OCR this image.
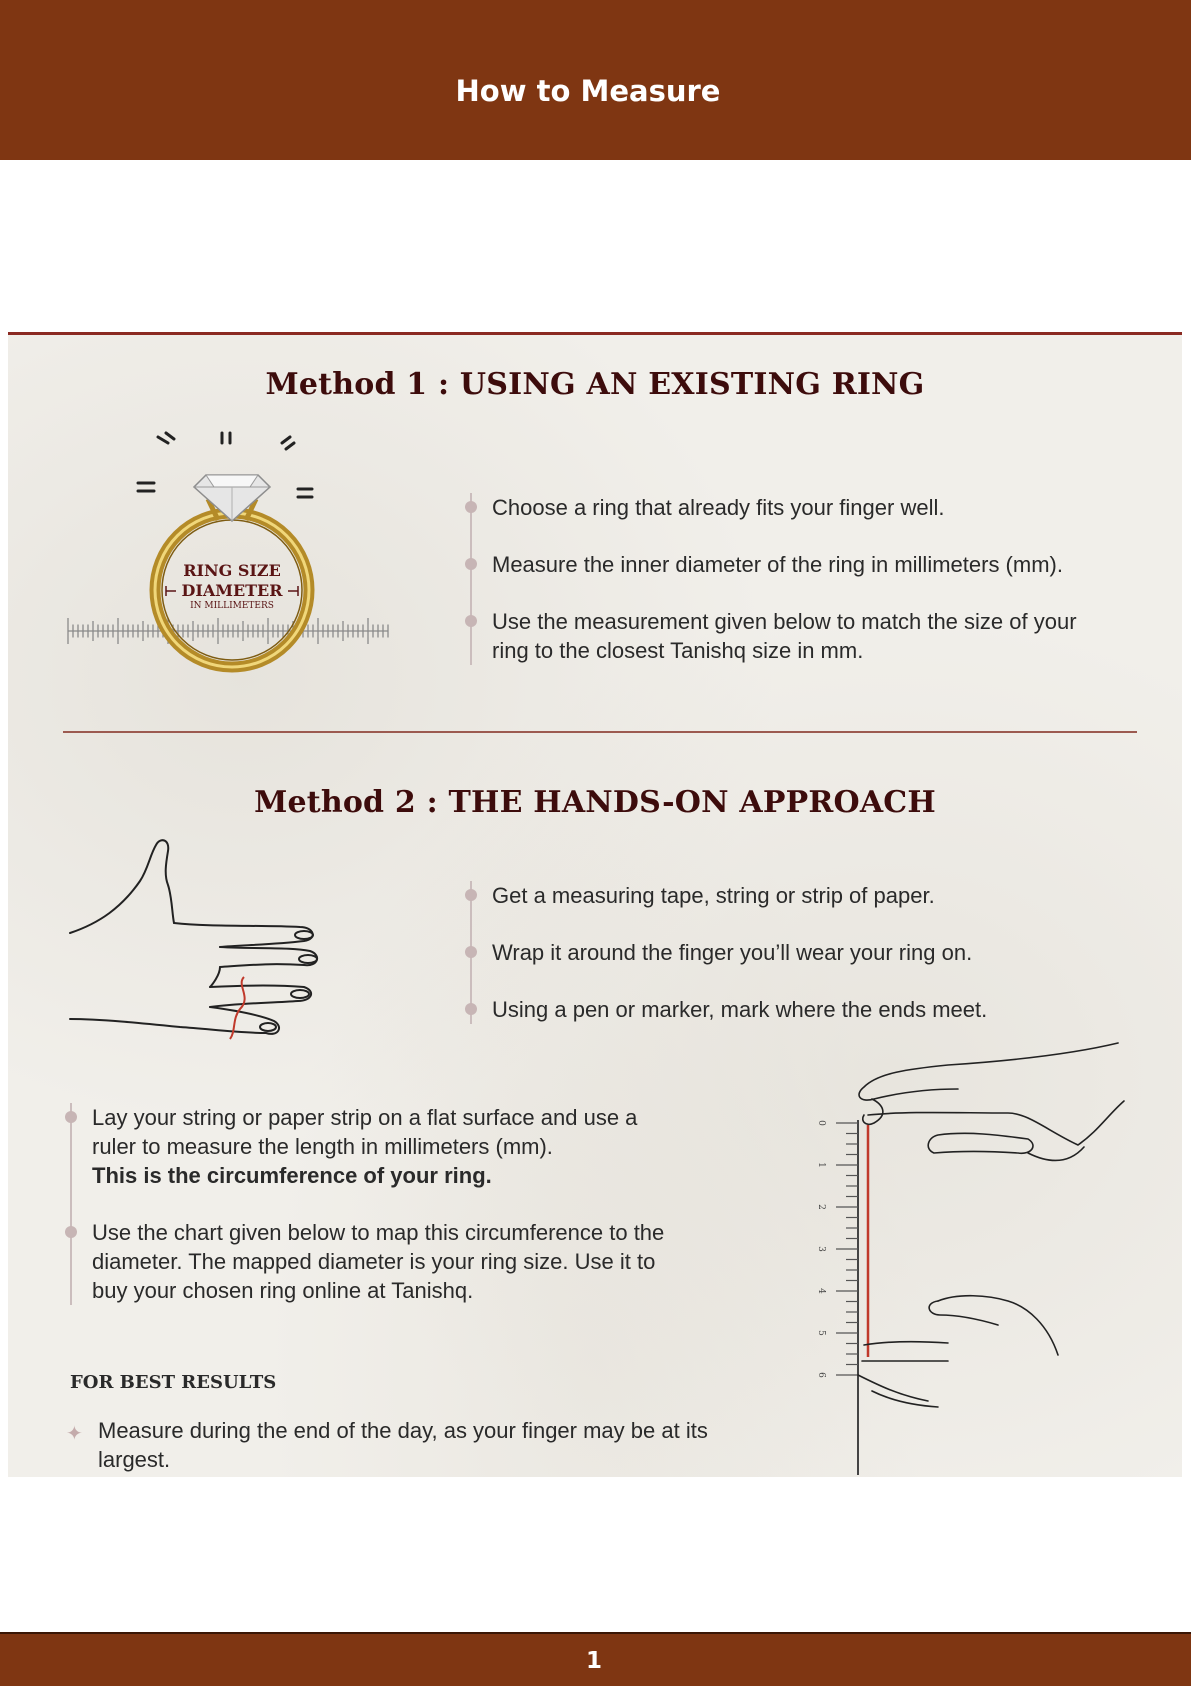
How to Measure
Method 1 : USING AN EXISTING RING
RING SIZE
DIAMETER
IN MILLIMETERS
Choose a ring that already fits your finger well.
Measure the inner diameter of the ring in millimeters (mm).
Use the measurement given below to match the size of your ring to the closest Tanishq size in mm.
Method 2 : THE HANDS-ON APPROACH
Get a measuring tape, string or strip of paper.
Wrap it around the finger you’ll wear your ring on.
Using a pen or marker, mark where the ends meet.
Lay your string or paper strip on a flat surface and use a ruler to measure the length in millimeters (mm).
This is the circumference of your ring.
Use the chart given below to map this circumference to the diameter. The mapped diameter is your ring size. Use it to buy your chosen ring online at Tanishq.
0
1
2
3
4
5
6
FOR BEST RESULTS
✦ Measure during the end of the day, as your finger may be at its largest.
1
